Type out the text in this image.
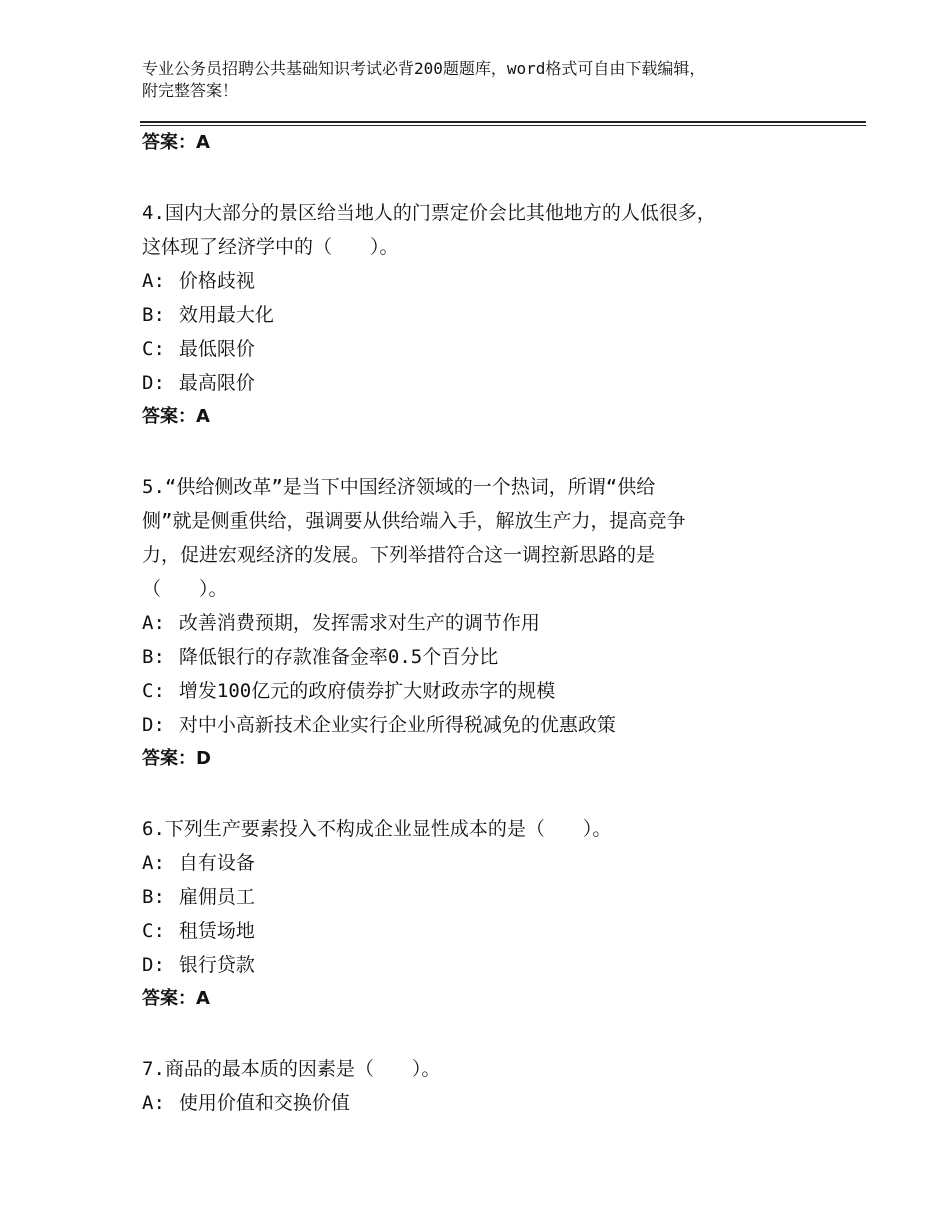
专业公务员招聘公共基础知识考试必背200题题库，word格式可自由下载编辑，
附完整答案！
答案：A
4.国内大部分的景区给当地人的门票定价会比其他地方的人低很多，
这体现了经济学中的（　　）。
A: 价格歧视
B: 效用最大化
C: 最低限价
D: 最高限价
答案：A
5.“供给侧改革”是当下中国经济领域的一个热词，所谓“供给
侧”就是侧重供给，强调要从供给端入手，解放生产力，提高竞争
力，促进宏观经济的发展。下列举措符合这一调控新思路的是
（　　）。
A: 改善消费预期，发挥需求对生产的调节作用
B: 降低银行的存款准备金率0.5个百分比
C: 增发100亿元的政府债券扩大财政赤字的规模
D: 对中小高新技术企业实行企业所得税减免的优惠政策
答案：D
6.下列生产要素投入不构成企业显性成本的是（　　）。
A: 自有设备
B: 雇佣员工
C: 租赁场地
D: 银行贷款
答案：A
7.商品的最本质的因素是（　　）。
A: 使用价值和交换价值
